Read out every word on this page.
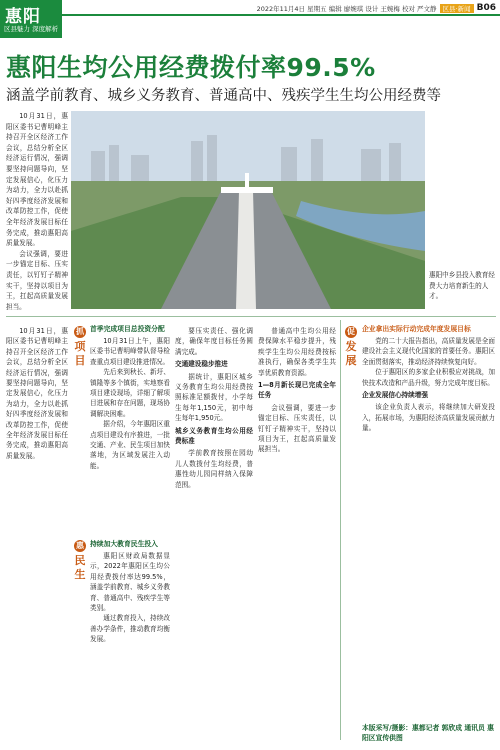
惠阳
区县魅力 深度解析
2022年11月4日 星期五 编辑 廖婉琪 设计 王婉梅 校对 严文静 区县·新闻 B06
惠阳生均公用经费拨付率99.5%
涵盖学前教育、城乡义务教育、普通高中、残疾学生生均公用经费等

10月31日，惠阳区委书记曹明峰主持召开全区经济工作会议，总结分析全区经济运行情况，强调要坚持问题导向，坚定发展信心，化压力为动力，全力以赴抓好四季度经济发展和改革防控工作，促使全年经济发展目标任务完成，推动惠阳高质量发展。

会议强调，要进一步锚定目标、压实责任，以钉钉子精神实干，坚持以项目为王，扛起高质量发展担当。

惠阳中乡县投入教育经费大力培育新生的人才。
抓
项目
惠
民生

10月31日，惠阳区委书记曹明峰主持召开全区经济工作会议，总结分析全区经济运行情况，强调要坚持问题导向，坚定发展信心，化压力为动力，全力以赴抓好四季度经济发展和改革防控工作，促使全年经济发展目标任务完成，推动惠阳高质量发展。

首季完成项目总投资分配

10月31日上午，惠阳区委书记曹明峰带队督导检查重点项目建设推进情况。

先后来到秋长、新圩、镇隆等多个镇街，实地察看项目建设现场，详细了解项目进展和存在问题，现场协调解决困难。

据介绍，今年惠阳区重点项目建设有序推进，一批交通、产业、民生项目加快落地，为区域发展注入动能。

持续加大教育民生投入

惠阳区财政局数据显示，2022年惠阳区生均公用经费拨付率达99.5%，涵盖学前教育、城乡义务教育、普通高中、残疾学生等类别。

通过教育投入，持续改善办学条件，推动教育均衡发展。

要压实责任、强化调度，确保年度目标任务圆满完成。

交通建设稳步推进

据统计，惠阳区城乡义务教育生均公用经费按照标准足额拨付，小学每生每年1,150元，初中每生每年1,950元。

城乡义务教育生均公用经费标准

学前教育按照在园幼儿人数拨付生均经费，普惠性幼儿园同样纳入保障范围。

普通高中生均公用经费保障水平稳步提升，残疾学生生均公用经费按标准执行，确保各类学生共享优质教育资源。

1—8月新长现已完成全年任务

会议强调，要进一步锚定目标、压实责任，以钉钉子精神实干，坚持以项目为王，扛起高质量发展担当。

促
发展
企业拿出实际行动完成年度发展目标

党的二十大报告指出，高质量发展是全面建设社会主义现代化国家的首要任务。惠阳区全面贯彻落实，推动经济持续恢复向好。

位于惠阳区的多家企业积极应对挑战，加快技术改造和产品升级，努力完成年度目标。

企业发展信心持续增强

该企业负责人表示，将继续加大研发投入，拓展市场，为惠阳经济高质量发展贡献力量。

本版采写/摄影：惠都记者 郭欣成 通讯员 惠阳区宣传供图
